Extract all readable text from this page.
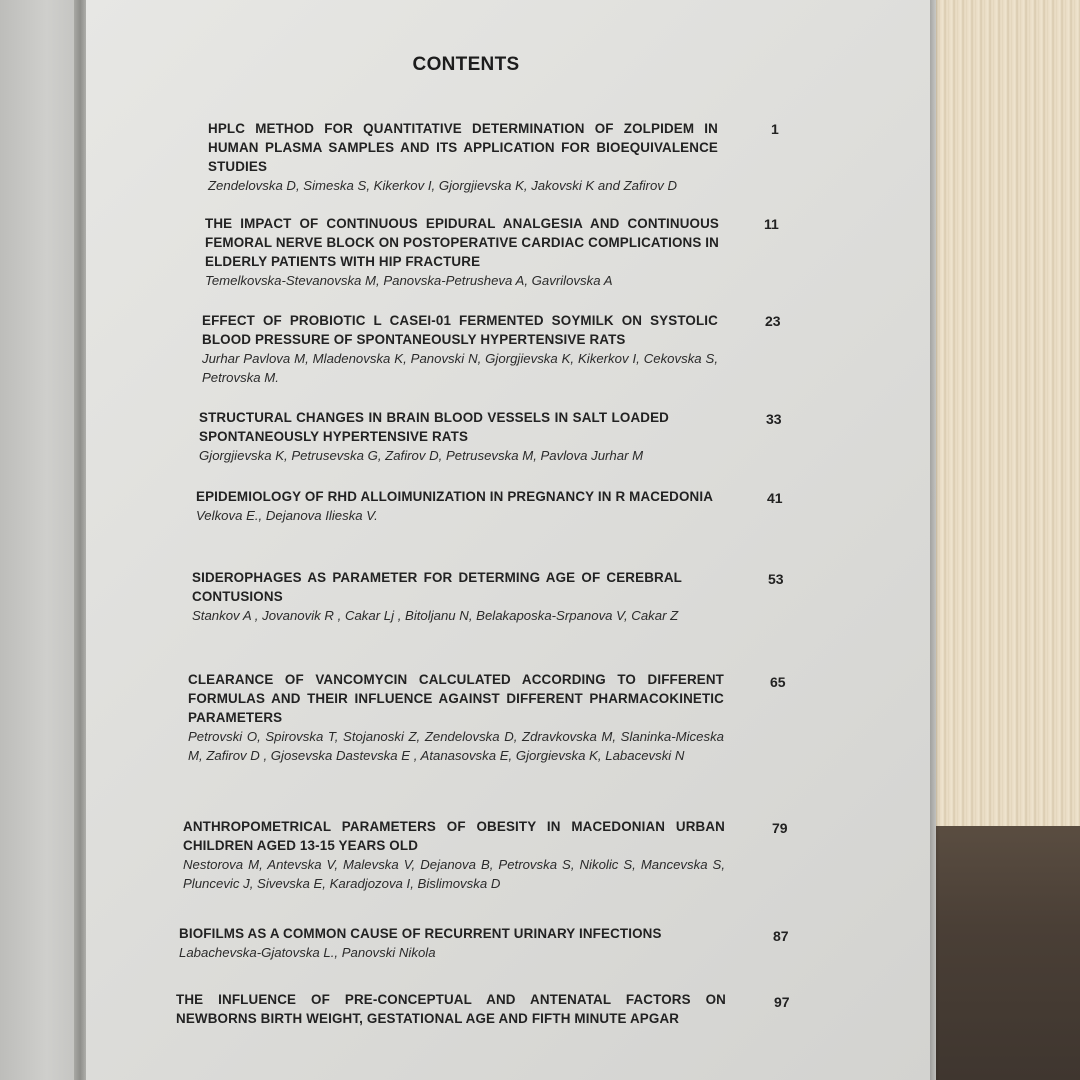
CONTENTS
HPLC METHOD FOR QUANTITATIVE DETERMINATION OF ZOLPIDEM IN HUMAN PLASMA SAMPLES AND ITS APPLICATION FOR BIOEQUIVALENCE STUDIES
Zendelovska D, Simeska S, Kikerkov I, Gjorgjievska K, Jakovski K and Zafirov D
1
THE IMPACT OF CONTINUOUS EPIDURAL ANALGESIA AND CONTINUOUS FEMORAL NERVE BLOCK ON POSTOPERATIVE CARDIAC COMPLICATIONS IN ELDERLY PATIENTS WITH HIP FRACTURE
Temelkovska-Stevanovska M, Panovska-Petrusheva A, Gavrilovska A
11
EFFECT OF PROBIOTIC L CASEI-01 FERMENTED SOYMILK ON SYSTOLIC BLOOD PRESSURE OF SPONTANEOUSLY HYPERTENSIVE RATS
Jurhar Pavlova M, Mladenovska K, Panovski N, Gjorgjievska K, Kikerkov I, Cekovska S, Petrovska M.
23
STRUCTURAL CHANGES IN BRAIN BLOOD VESSELS IN SALT LOADED SPONTANEOUSLY HYPERTENSIVE RATS
Gjorgjievska K, Petrusevska G, Zafirov D, Petrusevska M, Pavlova Jurhar M
33
EPIDEMIOLOGY OF RHD ALLOIMUNIZATION IN PREGNANCY IN R MACEDONIA
Velkova E., Dejanova Ilieska V.
41
SIDEROPHAGES AS PARAMETER FOR DETERMING AGE OF CEREBRAL CONTUSIONS
Stankov A , Jovanovik R , Cakar Lj , Bitoljanu N, Belakaposka-Srpanova V, Cakar Z
53
CLEARANCE OF VANCOMYCIN CALCULATED ACCORDING TO DIFFERENT FORMULAS AND THEIR INFLUENCE AGAINST DIFFERENT PHARMACOKINETIC PARAMETERS
Petrovski O, Spirovska T, Stojanoski Z, Zendelovska D, Zdravkovska M, Slaninka-Miceska M, Zafirov D , Gjosevska Dastevska E , Atanasovska E, Gjorgievska K, Labacevski N
65
ANTHROPOMETRICAL PARAMETERS OF OBESITY IN MACEDONIAN URBAN CHILDREN AGED 13-15 YEARS OLD
Nestorova M, Antevska V, Malevska V, Dejanova B, Petrovska S, Nikolic S, Mancevska S, Pluncevic J, Sivevska E, Karadjozova I, Bislimovska D
79
BIOFILMS AS A COMMON CAUSE OF RECURRENT URINARY INFECTIONS
Labachevska-Gjatovska L., Panovski Nikola
87
THE INFLUENCE OF PRE-CONCEPTUAL AND ANTENATAL FACTORS ON NEWBORNS BIRTH WEIGHT, GESTATIONAL AGE AND FIFTH MINUTE APGAR
97
